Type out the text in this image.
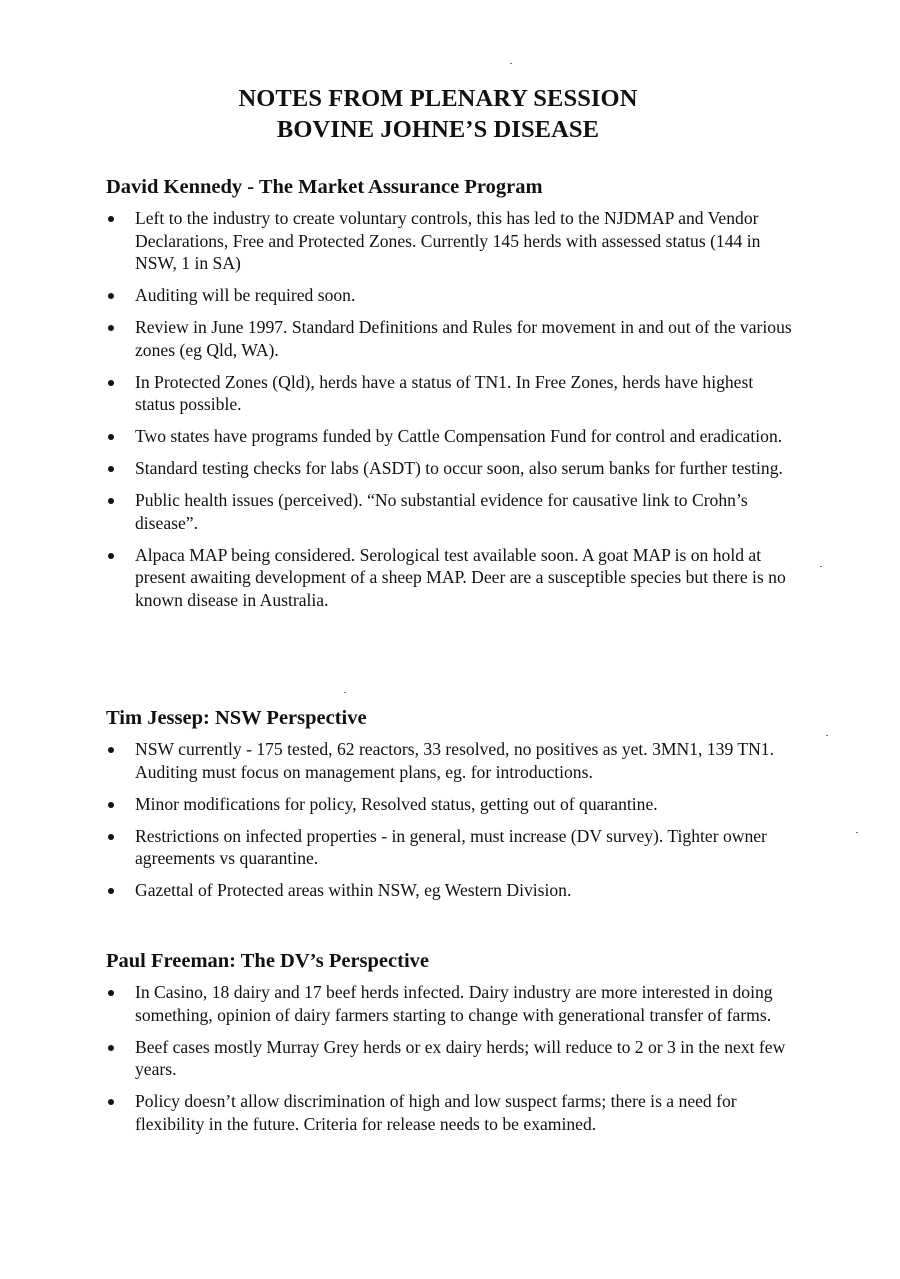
NOTES FROM PLENARY SESSION
BOVINE JOHNE’S DISEASE
David Kennedy - The Market Assurance Program
Left to the industry to create voluntary controls, this has led to the NJDMAP and Vendor Declarations, Free and Protected Zones. Currently 145 herds with assessed status (144 in NSW, 1 in SA)
Auditing will be required soon.
Review in June 1997. Standard Definitions and Rules for movement in and out of the various zones (eg Qld, WA).
In Protected Zones (Qld), herds have a status of TN1. In Free Zones, herds have highest status possible.
Two states have programs funded by Cattle Compensation Fund for control and eradication.
Standard testing checks for labs (ASDT) to occur soon, also serum banks for further testing.
Public health issues (perceived). “No substantial evidence for causative link to Crohn’s disease”.
Alpaca MAP being considered. Serological test available soon. A goat MAP is on hold at present awaiting development of a sheep MAP. Deer are a susceptible species but there is no known disease in Australia.
Tim Jessep: NSW Perspective
NSW currently - 175 tested, 62 reactors, 33 resolved, no positives as yet. 3MN1, 139 TN1. Auditing must focus on management plans, eg. for introductions.
Minor modifications for policy, Resolved status, getting out of quarantine.
Restrictions on infected properties - in general, must increase (DV survey). Tighter owner agreements vs quarantine.
Gazettal of Protected areas within NSW, eg Western Division.
Paul Freeman: The DV’s Perspective
In Casino, 18 dairy and 17 beef herds infected. Dairy industry are more interested in doing something, opinion of dairy farmers starting to change with generational transfer of farms.
Beef cases mostly Murray Grey herds or ex dairy herds; will reduce to 2 or 3 in the next few years.
Policy doesn’t allow discrimination of high and low suspect farms; there is a need for flexibility in the future. Criteria for release needs to be examined.
